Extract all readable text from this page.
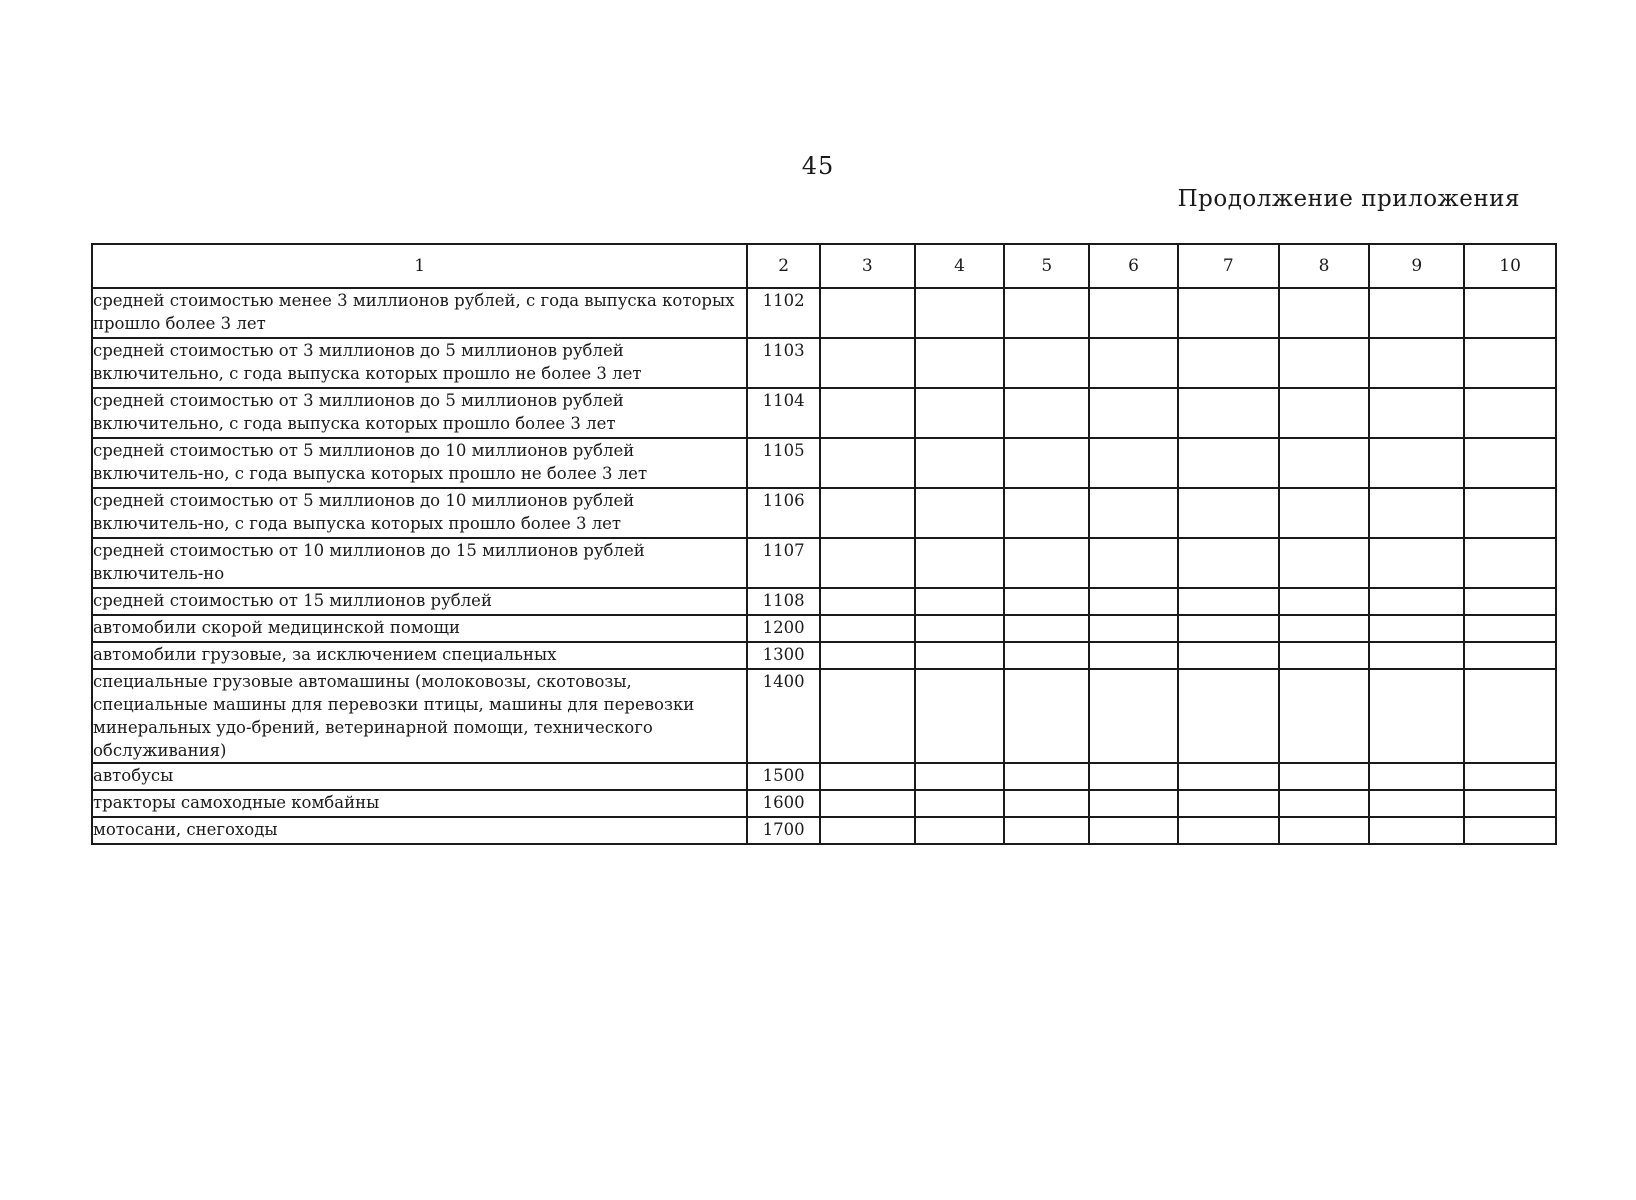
45
Продолжение приложения
1	2	3	4	5	6	7	8	9	10
средней стоимостью менее 3 миллионов рублей, с года выпуска которых прошло более 3 лет	1102								
средней стоимостью от 3 миллионов до 5 миллионов рублей включительно, с года выпуска которых прошло не более 3 лет	1103								
средней стоимостью от 3 миллионов до 5 миллионов рублей включительно, с года выпуска которых прошло более 3 лет	1104								
средней стоимостью от 5 миллионов до 10 миллионов рублей включитель-но, с года выпуска которых прошло не более 3 лет	1105								
средней стоимостью от 5 миллионов до 10 миллионов рублей включитель-но, с года выпуска которых прошло более 3 лет	1106								
средней стоимостью от 10 миллионов до 15 миллионов рублей включитель-но	1107								
средней стоимостью от 15 миллионов рублей	1108								
автомобили скорой медицинской помощи	1200								
автомобили грузовые, за исключением специальных	1300								
специальные грузовые автомашины (молоковозы, скотовозы, специальные машины для перевозки птицы, машины для перевозки минеральных удо-брений, ветеринарной помощи, технического обслуживания)	1400								
автобусы	1500								
тракторы самоходные комбайны	1600								
мотосани, снегоходы	1700								
